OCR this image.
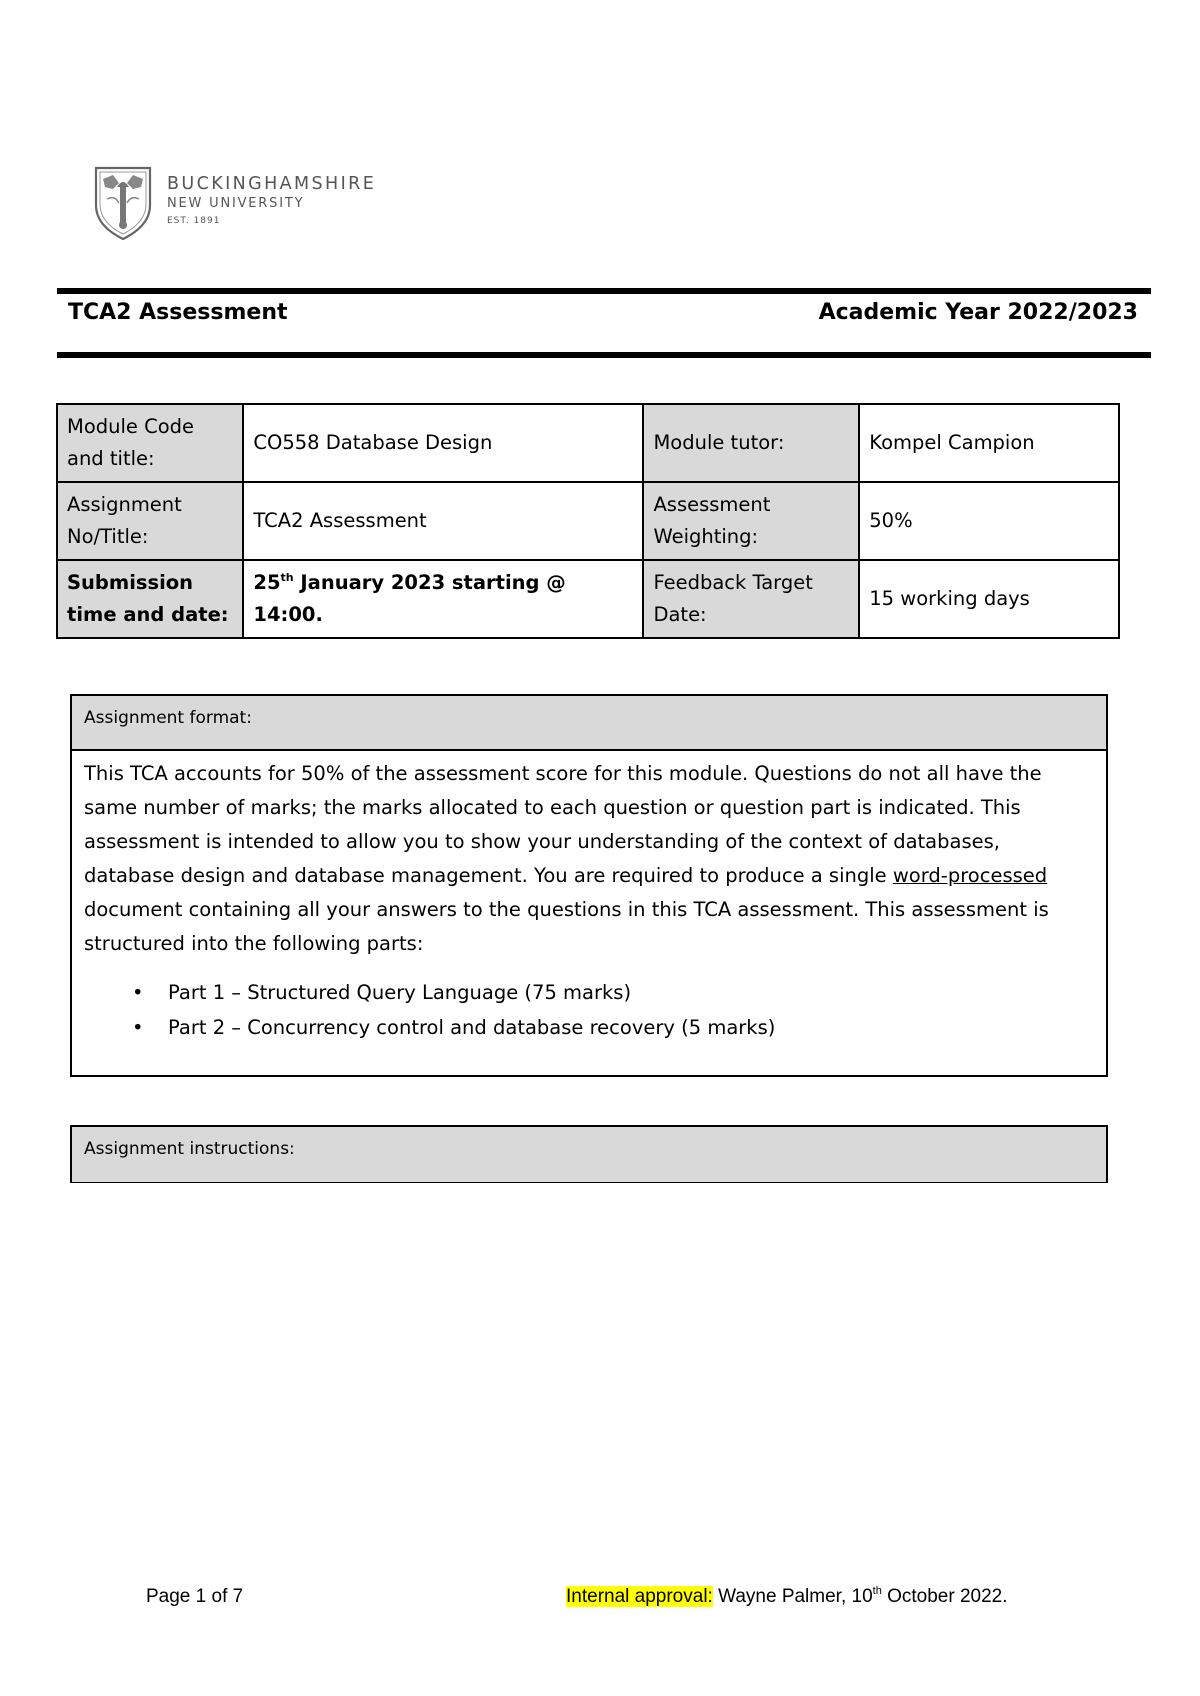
BUCKINGHAMSHIRE
NEW UNIVERSITY
EST. 1891
TCA2 Assessment	Academic Year 2022/2023
Module Code and title:	CO558 Database Design	Module tutor:	Kompel Campion
Assignment No/Title:	TCA2 Assessment	Assessment Weighting:	50%
Submission time and date:	25th January 2023 starting @ 14:00.	Feedback Target Date:	15 working days
Assignment format:

This TCA accounts for 50% of the assessment score for this module. Questions do not all have the same number of marks; the marks allocated to each question or question part is indicated. This assessment is intended to allow you to show your understanding of the context of databases, database design and database management. You are required to produce a single word-processed document containing all your answers to the questions in this TCA assessment. This assessment is structured into the following parts:

• Part 1 – Structured Query Language (75 marks)
• Part 2 – Concurrency control and database recovery (5 marks)
Assignment instructions:
Page 1 of 7	Internal approval: Wayne Palmer, 10th October 2022.
